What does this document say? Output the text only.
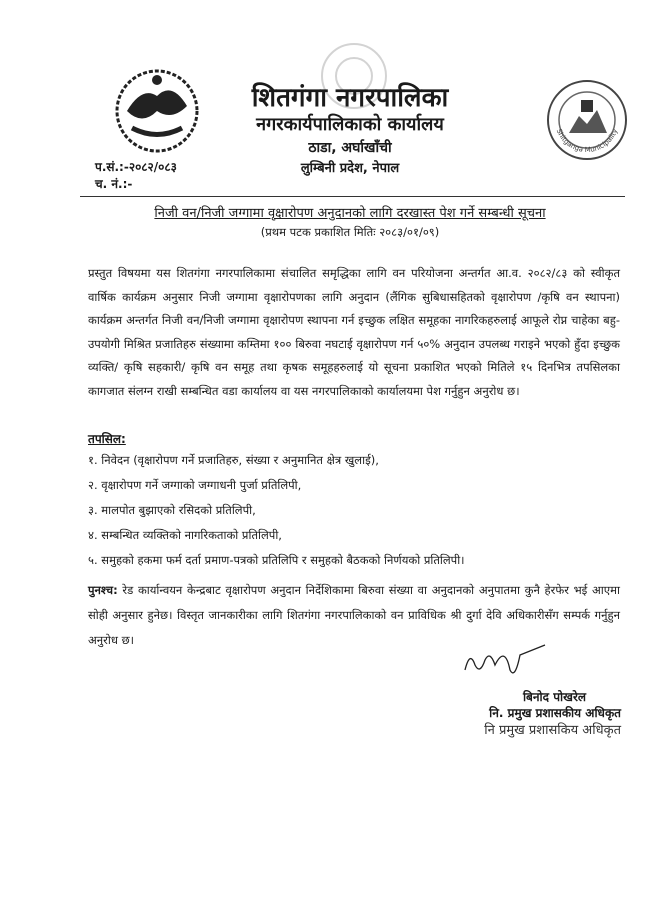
Shitganga Municipality
शितगंगा नगरपालिका
नगरकार्यपालिकाको कार्यालय
ठाडा, अर्घाखाँची
लुम्बिनी प्रदेश, नेपाल
प.सं.:-२०८२/०८३
च. नं.:-
निजी वन/निजी जग्गामा वृक्षारोपण अनुदानको लागि दरखास्त पेश गर्ने सम्बन्धी सूचना
(प्रथम पटक प्रकाशित मितिः २०८३/०१/०९)
प्रस्तुत विषयमा यस शितगंगा नगरपालिकामा संचालित समृद्धिका लागि वन परियोजना अन्तर्गत आ.व. २०८२/८३ को स्वीकृत वार्षिक कार्यक्रम अनुसार निजी जग्गामा वृक्षारोपणका लागि अनुदान (लैंगिक सुबिधासहितको वृक्षारोपण /कृषि वन स्थापना) कार्यक्रम अन्तर्गत निजी वन/निजी जग्गामा वृक्षारोपण स्थापना गर्न इच्छुक लक्षित समूहका नागरिकहरुलाई आफूले रोप्न चाहेका बहु-उपयोगी मिश्रित प्रजातिहरु संख्यामा कम्तिमा १०० बिरुवा नघटाई वृक्षारोपण गर्न ५०% अनुदान उपलब्ध गराइने भएको हुँदा इच्छुक व्यक्ति/ कृषि सहकारी/ कृषि वन समूह तथा कृषक समूहहरुलाई यो सूचना प्रकाशित भएको मितिले १५ दिनभित्र तपसिलका कागजात संलग्न राखी सम्बन्धित वडा कार्यालय वा यस नगरपालिकाको कार्यालयमा पेश गर्नुहुन अनुरोध छ।
तपसिल:
१. निवेदन (वृक्षारोपण गर्ने प्रजातिहरु, संख्या र अनुमानित क्षेत्र खुलाई),
२. वृक्षारोपण गर्ने जग्गाको जग्गाधनी पुर्जा प्रतिलिपी,
३. मालपोत बुझाएको रसिदको प्रतिलिपी,
४. सम्बन्धित व्यक्तिको नागरिकताको प्रतिलिपी,
५. समुहको हकमा फर्म दर्ता प्रमाण-पत्रको प्रतिलिपि र समुहको बैठकको निर्णयको प्रतिलिपी।
पुनश्च: रेड कार्यान्वयन केन्द्रबाट वृक्षारोपण अनुदान निर्देशिकामा बिरुवा संख्या वा अनुदानको अनुपातमा कुनै हेरफेर भई आएमा सोही अनुसार हुनेछ। विस्तृत जानकारीका लागि शितगंगा नगरपालिकाको वन प्राविधिक श्री दुर्गा देवि अधिकारीसँग सम्पर्क गर्नुहुन अनुरोध छ।
बिनोद पोखरेल
नि. प्रमुख प्रशासकीय अधिकृत
नि प्रमुख प्रशासकिय अधिकृत
